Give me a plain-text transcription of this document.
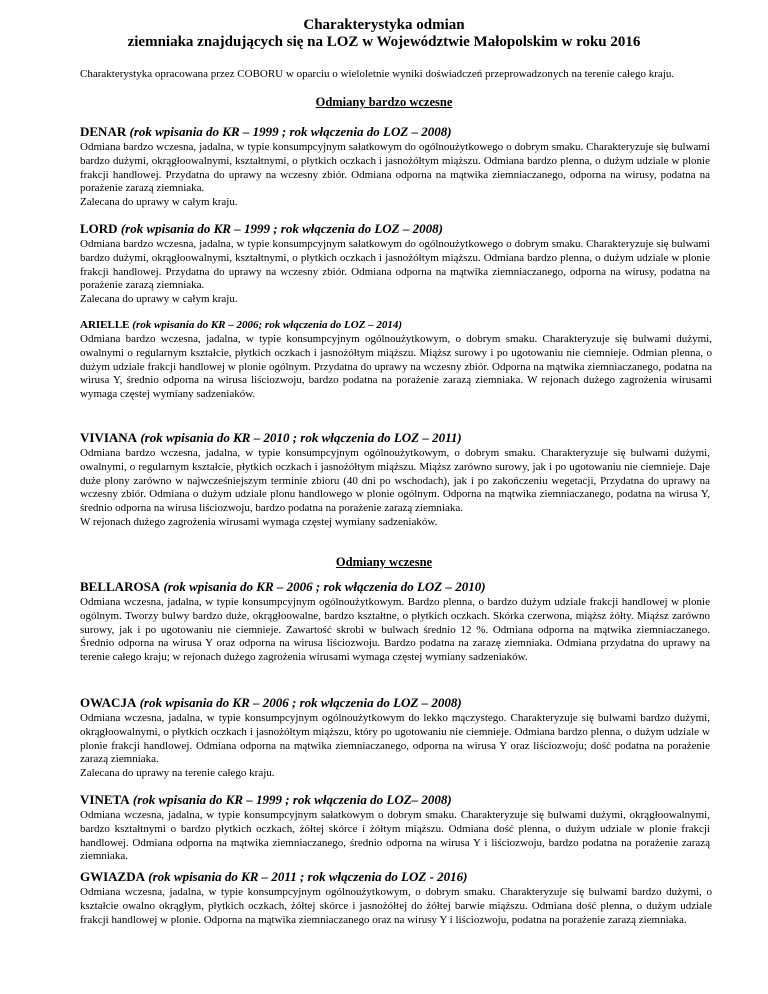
Charakterystyka odmian
ziemniaka znajdujących się na LOZ w Województwie Małopolskim w roku 2016
Charakterystyka opracowana przez COBORU w oparciu o wieloletnie wyniki doświadczeń przeprowadzonych na terenie całego kraju.
Odmiany bardzo wczesne
DENAR (rok wpisania do KR – 1999 ; rok włączenia do LOZ – 2008)

Odmiana bardzo wczesna, jadalna, w typie konsumpcyjnym sałatkowym do ogólnoużytkowego o dobrym smaku. Charakteryzuje się bulwami bardzo dużymi, okrągłoowalnymi, kształtnymi, o płytkich oczkach i jasnożółtym miąższu. Odmiana bardzo plenna, o dużym udziale w plonie frakcji handlowej. Przydatna do uprawy na wczesny zbiór. Odmiana odporna na mątwika ziemniaczanego, odporna na wirusy, podatna na porażenie zarazą ziemniaka.

Zalecana do uprawy w całym kraju.

LORD (rok wpisania do KR – 1999 ; rok włączenia do LOZ – 2008)

Odmiana bardzo wczesna, jadalna, w typie konsumpcyjnym sałatkowym do ogólnoużytkowego o dobrym smaku. Charakteryzuje się bulwami bardzo dużymi, okrągłoowalnymi, kształtnymi, o płytkich oczkach i jasnożółtym miąższu. Odmiana bardzo plenna, o dużym udziale w plonie frakcji handlowej. Przydatna do uprawy na wczesny zbiór. Odmiana odporna na mątwika ziemniaczanego, odporna na wirusy, podatna na porażenie zarazą ziemniaka.

Zalecana do uprawy w całym kraju.

ARIELLE (rok wpisania do KR – 2006; rok włączenia do LOZ – 2014)

Odmiana bardzo wczesna, jadalna, w typie konsumpcyjnym ogólnoużytkowym, o dobrym smaku. Charakteryzuje się bulwami dużymi, owalnymi o regularnym kształcie, płytkich oczkach i jasnożółtym miąższu. Miąższ surowy i po ugotowaniu nie ciemnieje. Odmian plenna, o dużym udziale frakcji handlowej w plonie ogólnym. Przydatna do uprawy na wczesny zbiór. Odporna na mątwika ziemniaczanego, podatna na wirusa Y, średnio odporna na wirusa liściozwoju, bardzo podatna na porażenie zarazą ziemniaka. W rejonach dużego zagrożenia wirusami wymaga częstej wymiany sadzeniaków.

VIVIANA (rok wpisania do KR – 2010 ; rok włączenia do LOZ – 2011)

Odmiana bardzo wczesna, jadalna, w typie konsumpcyjnym ogólnoużytkowym, o dobrym smaku. Charakteryzuje się bulwami dużymi, owalnymi, o regularnym kształcie, płytkich oczkach i jasnożółtym miąższu. Miąższ zarówno surowy, jak i po ugotowaniu nie ciemnieje. Daje duże plony zarówno w najwcześniejszym terminie zbioru (40 dni po wschodach), jak i po zakończeniu wegetacji, Przydatna do uprawy na wczesny zbiór. Odmiana o dużym udziale plonu handlowego w plonie ogólnym. Odporna na mątwika ziemniaczanego, podatna na wirusa Y, średnio odporna na wirusa liściozwoju, bardzo podatna na porażenie zarazą ziemniaka.

W rejonach dużego zagrożenia wirusami wymaga częstej wymiany sadzeniaków.

Odmiany wczesne
BELLAROSA (rok wpisania do KR – 2006 ; rok włączenia do LOZ – 2010)

Odmiana wczesna, jadalna, w typie konsumpcyjnym ogólnoużytkowym. Bardzo plenna, o bardzo dużym udziale frakcji handlowej w plonie ogólnym. Tworzy bulwy bardzo duże, okrągłoowalne, bardzo kształtne, o płytkich oczkach. Skórka czerwona, miąższ żółty. Miąższ zarówno surowy, jak i po ugotowaniu nie ciemnieje. Zawartość skrobi w bulwach średnio 12 %. Odmiana odporna na mątwika ziemniaczanego. Średnio odporna na wirusa Y oraz odporna na wirusa liściozwoju. Bardzo podatna na zarazę ziemniaka. Odmiana przydatna do uprawy na terenie całego kraju; w rejonach dużego zagrożenia wirusami wymaga częstej wymiany sadzeniaków.

OWACJA (rok wpisania do KR – 2006 ; rok włączenia do LOZ – 2008)

Odmiana wczesna, jadalna, w typie konsumpcyjnym ogólnoużytkowym do lekko mączystego. Charakteryzuje się bulwami bardzo dużymi, okrągłoowalnymi, o płytkich oczkach i jasnożółtym miąższu, który po ugotowaniu nie ciemnieje. Odmiana bardzo plenna, o dużym udziale w plonie frakcji handlowej. Odmiana odporna na mątwika ziemniaczanego, odporna na wirusa Y oraz liściozwoju; dość podatna na porażenie zarazą ziemniaka.

Zalecana do uprawy na terenie całego kraju.

VINETA (rok wpisania do KR – 1999 ; rok włączenia do LOZ– 2008)

Odmiana wczesna, jadalna, w typie konsumpcyjnym sałatkowym o dobrym smaku. Charakteryzuje się bulwami dużymi, okrągłoowalnymi, bardzo kształtnymi o bardzo płytkich oczkach, żółtej skórce i żółtym miąższu. Odmiana dość plenna, o dużym udziale w plonie frakcji handlowej. Odmiana odporna na mątwika ziemniaczanego, średnio odporna na wirusa Y i liściozwoju, bardzo podatna na porażenie zarazą ziemniaka.

GWIAZDA (rok wpisania do KR – 2011 ; rok włączenia do LOZ - 2016)

Odmiana wczesna, jadalna, w typie konsumpcyjnym ogólnoużytkowym, o dobrym smaku. Charakteryzuje się bulwami bardzo dużymi, o kształcie owalno okrągłym, płytkich oczkach, żółtej skórce i jasnożółtej do żółtej barwie miąższu. Odmiana dość plenna, o dużym udziale frakcji handlowej w plonie. Odporna na mątwika ziemniaczanego oraz na wirusy Y i liściozwoju, podatna na porażenie zarazą ziemniaka.
